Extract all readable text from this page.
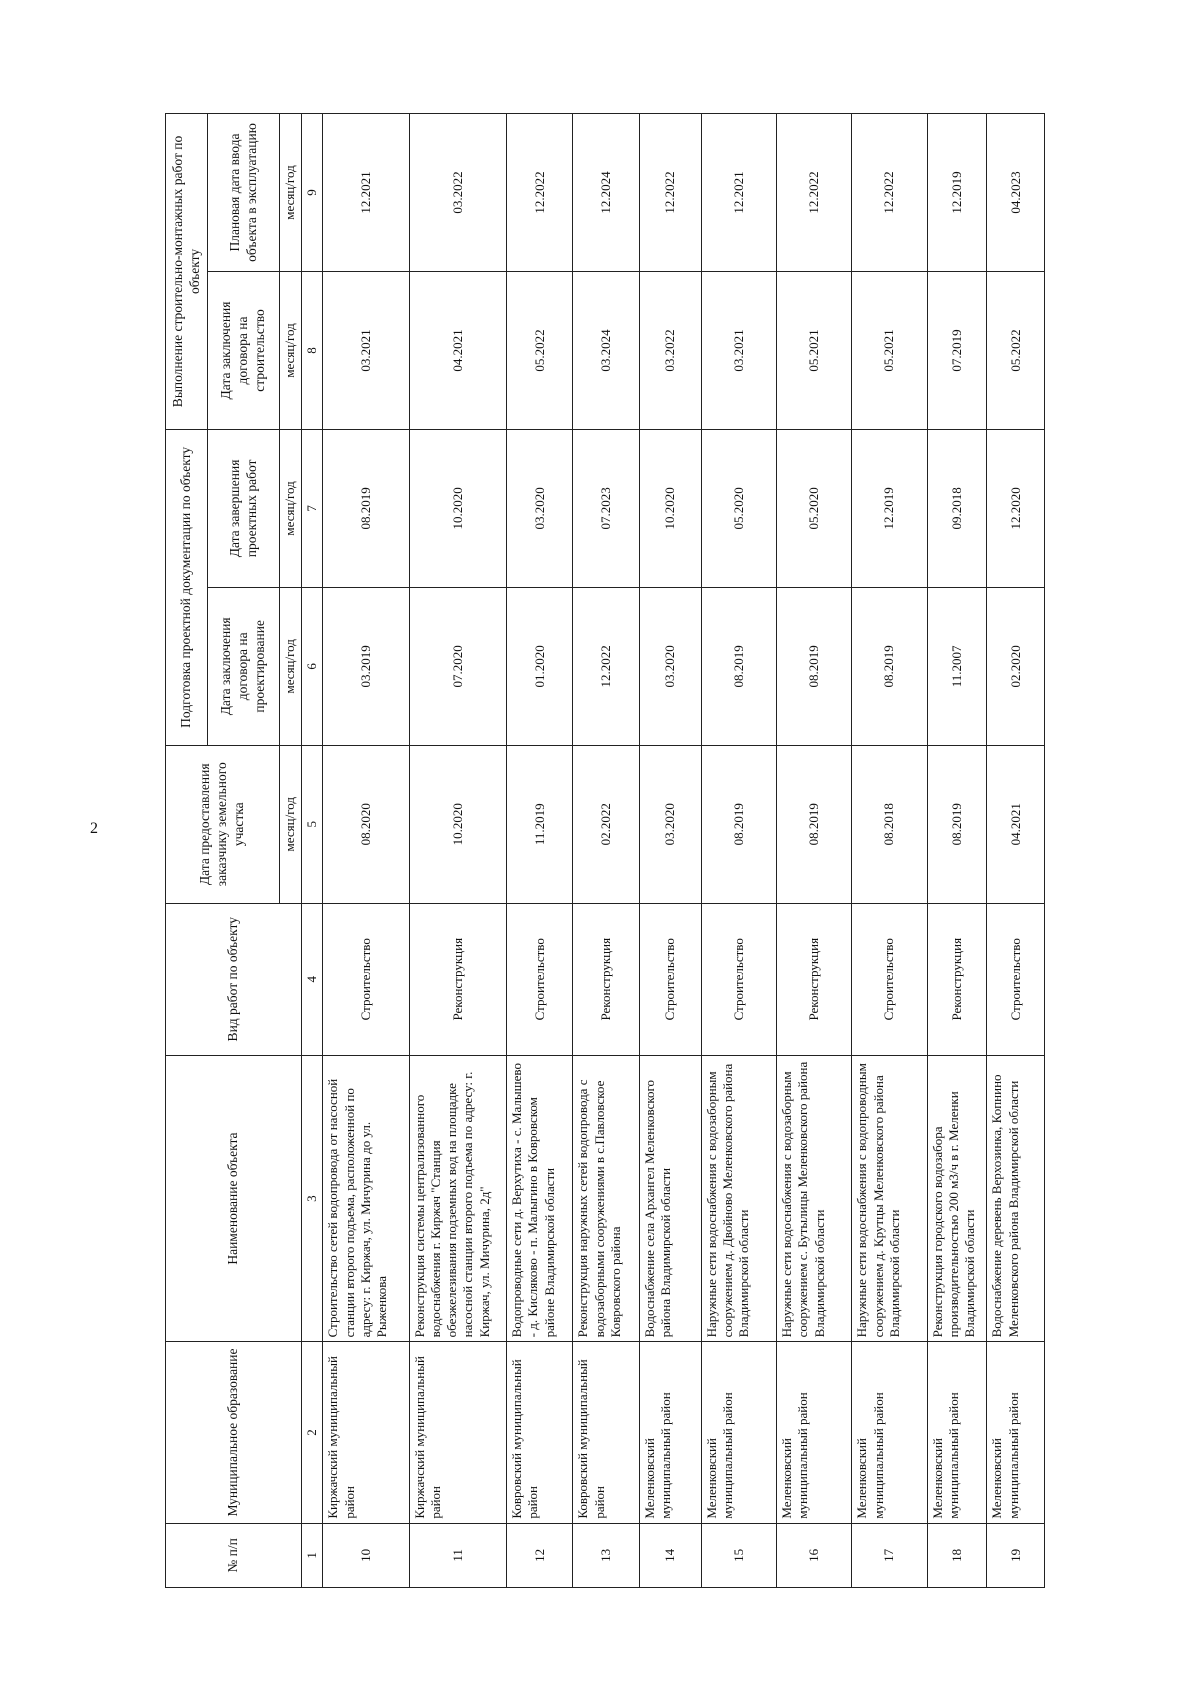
2
№ п/п	Муниципальное образование	Наименование объекта	Вид работ по объекту	Дата предоставления заказчику земельного участка	Подготовка проектной документации по объекту		Выполнение строительно-монтажных работ по объекту	
					Дата заключения договора на проектирование	Дата завершения проектных работ	Дата заключения договора на строительство	Плановая дата ввода объекта в эксплуатацию
				месяц/год	месяц/год	месяц/год	месяц/год	месяц/год
1	2	3	4	5	6	7	8	9
10	Киржачский муниципальный район	Строительство сетей водопровода от насосной станции второго подъема, расположенной по адресу: г. Киржач, ул. Мичурина до ул. Рыженкова	Строительство	08.2020	03.2019	08.2019	03.2021	12.2021
11	Киржачский муниципальный район	Реконструкция системы централизованного водоснабжения г. Киржач "Станция обезжелезивания подземных вод на площадке насосной станции второго подъема по адресу: г. Киржач, ул. Мичурина, 2д"	Реконструкция	10.2020	07.2020	10.2020	04.2021	03.2022
12	Ковровский муниципальный район	Водопроводные сети д. Верхутиха - с. Малышево - д. Кисляково - п. Малыгино в Ковровском районе Владимирской области	Строительство	11.2019	01.2020	03.2020	05.2022	12.2022
13	Ковровский муниципальный район	Реконструкция наружных сетей водопровода с водозаборными сооружениями в с.Павловское Ковровского района	Реконструкция	02.2022	12.2022	07.2023	03.2024	12.2024
14	Меленковский муниципальный район	Водоснабжение села Архангел Меленковского района Владимирской области	Строительство	03.2020	03.2020	10.2020	03.2022	12.2022
15	Меленковский муниципальный район	Наружные сети водоснабжения с водозаборным сооружением д. Двойново Меленковского района Владимирской области	Строительство	08.2019	08.2019	05.2020	03.2021	12.2021
16	Меленковский муниципальный район	Наружные сети водоснабжения с водозаборным сооружением с. Бутылицы Меленковского района Владимирской области	Реконструкция	08.2019	08.2019	05.2020	05.2021	12.2022
17	Меленковский муниципальный район	Наружные сети водоснабжения с водопроводным сооружением д. Крутцы Меленковского района Владимирской области	Строительство	08.2018	08.2019	12.2019	05.2021	12.2022
18	Меленковский муниципальный район	Реконструкция городского водозабора производительностью 200 м3/ч в г. Меленки Владимирской области	Реконструкция	08.2019	11.2007	09.2018	07.2019	12.2019
19	Меленковский муниципальный район	Водоснабжение деревень Верхозинка, Копнино Меленковского района Владимирской области	Строительство	04.2021	02.2020	12.2020	05.2022	04.2023
